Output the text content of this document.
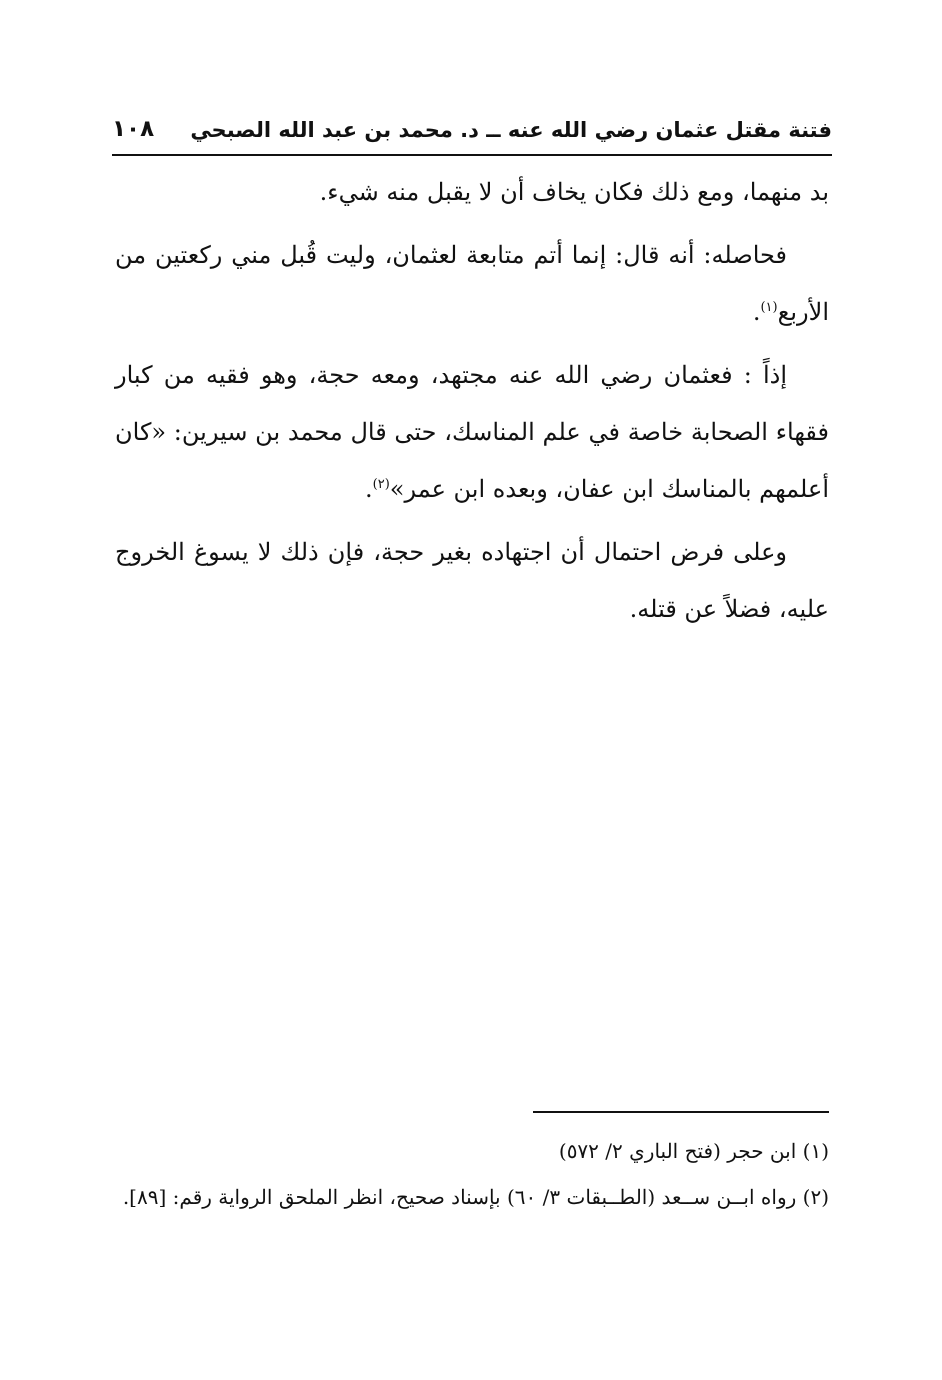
فتنة مقتل عثمان رضي الله عنه ــ د. محمد بن عبد الله الصبحي
١٠٨

بد منهما، ومع ذلك فكان يخاف أن لا يقبل منه شيء.

فحاصله: أنه قال: إنما أتم متابعة لعثمان، وليت قُبل مني ركعتين من الأربع$^{(١)}$.

إذاً : فعثمان رضي الله عنه مجتهد، ومعه حجة، وهو فقيه من كبار فقهاء الصحابة خاصة في علم المناسك، حتى قال محمد بن سيرين: «كان أعلمهم بالمناسك ابن عفان، وبعده ابن عمر»$^{(٢)}$.

وعلى فرض احتمال أن اجتهاده بغير حجة، فإن ذلك لا يسوغ الخروج عليه، فضلاً عن قتله.

(١) ابن حجر (فتح الباري ٢/ ٥٧٢)

(٢) رواه ابــن ســعد (الطــبقات ٣/ ٦٠) بإسناد صحيح، انظر الملحق الرواية رقم: [٨٩].
